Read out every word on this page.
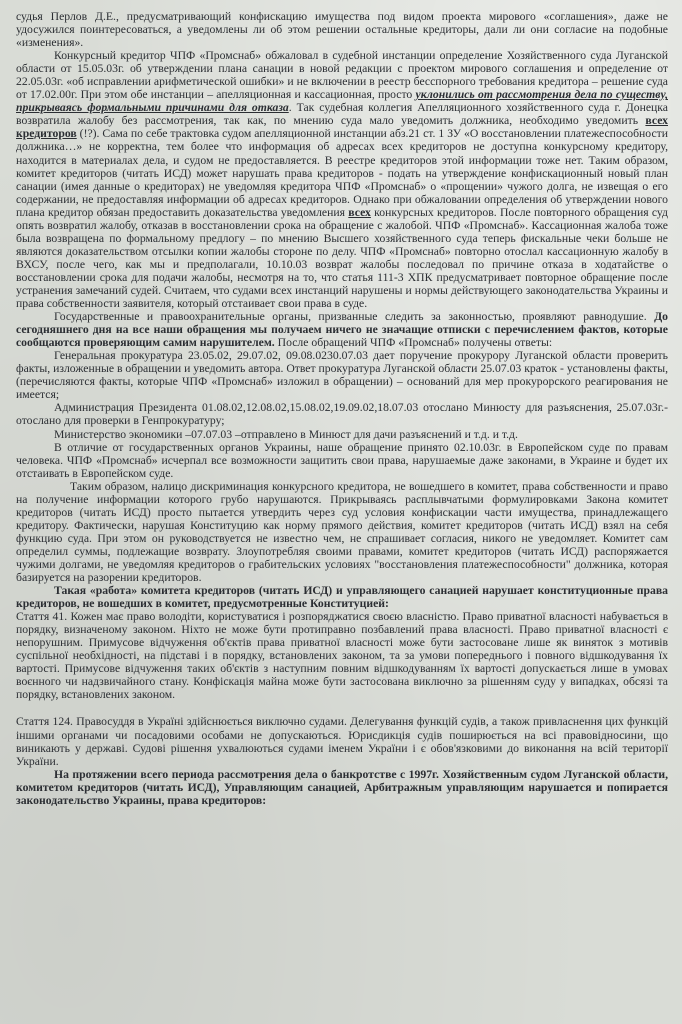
судья Перлов Д.Е., предусматривающий конфискацию имущества под видом проекта мирового «соглашения», даже не удосужился поинтересоваться, а уведомлены ли об этом решении остальные кредиторы, дали ли они согласие на подобные «изменения».

Конкурсный кредитор ЧПФ «Промснаб» обжаловал в судебной инстанции определение Хозяйственного суда Луганской области от 15.05.03г. об утверждении плана санации в новой редакции с проектом мирового соглашения и определение от 22.05.03г. «об исправлении арифметической ошибки» и не включении в реестр бесспорного требования кредитора – решение суда от 17.02.00г. При этом обе инстанции – апелляционная и кассационная, просто уклонились от рассмотрения дела по существу, прикрываясь формальными причинами для отказа. Так судебная коллегия Апелляционного хозяйственного суда г. Донецка возвратила жалобу без рассмотрения, так как, по мнению суда мало уведомить должника, необходимо уведомить всех кредиторов (!?). Сама по себе трактовка судом апелляционной инстанции абз.21 ст. 1 ЗУ «О восстановлении платежеспособности должника…» не корректна, тем более что информация об адресах всех кредиторов не доступна конкурсному кредитору, находится в материалах дела, и судом не предоставляется. В реестре кредиторов этой информации тоже нет. Таким образом, комитет кредиторов (читать ИСД) может нарушать права кредиторов - подать на утверждение конфискационный новый план санации (имея данные о кредиторах) не уведомляя кредитора ЧПФ «Промснаб» о «прощении» чужого долга, не извещая о его содержании, не предоставляя информации об адресах кредиторов. Однако при обжаловании определения об утверждении нового плана кредитор обязан предоставить доказательства уведомления всех конкурсных кредиторов. После повторного обращения суд опять возвратил жалобу, отказав в восстановлении срока на обращение с жалобой. ЧПФ «Промснаб». Кассационная жалоба тоже была возвращена по формальному предлогу – по мнению Высшего хозяйственного суда теперь фискальные чеки больше не являются доказательством отсылки копии жалобы стороне по делу. ЧПФ «Промснаб» повторно отослал кассационную жалобу в ВХСУ, после чего, как мы и предполагали, 10.10.03 возврат жалобы последовал по причине отказа в ходатайстве о восстановлении срока для подачи жалобы, несмотря на то, что статья 111-3 ХПК предусматривает повторное обращение после устранения замечаний судей. Считаем, что судами всех инстанций нарушены и нормы действующего законодательства Украины и права собственности заявителя, который отстаивает свои права в суде.

Государственные и правоохранительные органы, призванные следить за законностью, проявляют равнодушие. До сегодняшнего дня на все наши обращения мы получаем ничего не значащие отписки с перечислением фактов, которые сообщаются проверяющим самим нарушителем. После обращений ЧПФ «Промснаб» получены ответы:

Генеральная прокуратура 23.05.02, 29.07.02, 09.08.0230.07.03 дает поручение прокурору Луганской области проверить факты, изложенные в обращении и уведомить автора. Ответ прокуратура Луганской области 25.07.03 краток - установлены факты, (перечисляются факты, которые ЧПФ «Промснаб» изложил в обращении) – оснований для мер прокурорского реагирования не имеется;

Администрация Президента 01.08.02,12.08.02,15.08.02,19.09.02,18.07.03 отослано Минюсту для разъяснения, 25.07.03г.- отослано для проверки в Генпрокуратуру;

Министерство экономики –07.07.03 –отправлено в Минюст для дачи разъяснений и т.д. и т.д.

В отличие от государственных органов Украины, наше обращение принято 02.10.03г. в Европейском суде по правам человека. ЧПФ «Промснаб» исчерпал все возможности защитить свои права, нарушаемые даже законами, в Украине и будет их отстаивать в Европейском суде.

Таким образом, налицо дискриминация конкурсного кредитора, не вошедшего в комитет, права собственности и право на получение информации которого грубо нарушаются. Прикрываясь расплывчатыми формулировками Закона комитет кредиторов (читать ИСД) просто пытается утвердить через суд условия конфискации части имущества, принадлежащего кредитору. Фактически, нарушая Конституцию как норму прямого действия, комитет кредиторов (читать ИСД) взял на себя функцию суда. При этом он руководствуется не известно чем, не спрашивает согласия, никого не уведомляет. Комитет сам определил суммы, подлежащие возврату. Злоупотребляя своими правами, комитет кредиторов (читать ИСД) распоряжается чужими долгами, не уведомляя кредиторов о грабительских условиях "восстановления платежеспособности" должника, которая базируется на разорении кредиторов.

Такая «работа» комитета кредиторов (читать ИСД) и управляющего санацией нарушает конституционные права кредиторов, не вошедших в комитет, предусмотренные Конституцией:

Стаття 41. Кожен має право володіти, користуватися і розпоряджатися своєю власністю. Право приватної власності набувається в порядку, визначеному законом. Ніхто не може бути протиправно позбавлений права власності. Право приватної власності є непорушним. Примусове відчуження об'єктів права приватної власності може бути застосоване лише як виняток з мотивів суспільної необхідності, на підставі і в порядку, встановлених законом, та за умови попереднього і повного відшкодування їх вартості. Примусове відчуження таких об'єктів з наступним повним відшкодуванням їх вартості допускається лише в умовах воєнного чи надзвичайного стану. Конфіскація майна може бути застосована виключно за рішенням суду у випадках, обсязі та порядку, встановлених законом.

Стаття 124. Правосуддя в Україні здійснюється виключно судами. Делегування функцій судів, а також привласнення цих функцій іншими органами чи посадовими особами не допускаються. Юрисдикція судів поширюється на всі правовідносини, що виникають у державі. Судові рішення ухвалюються судами іменем України і є обов'язковими до виконання на всій території України.

На протяжении всего периода рассмотрения дела о банкротстве с 1997г. Хозяйственным судом Луганской области, комитетом кредиторов (читать ИСД), Управляющим санацией, Арбитражным управляющим нарушается и попирается законодательство Украины, права кредиторов:
